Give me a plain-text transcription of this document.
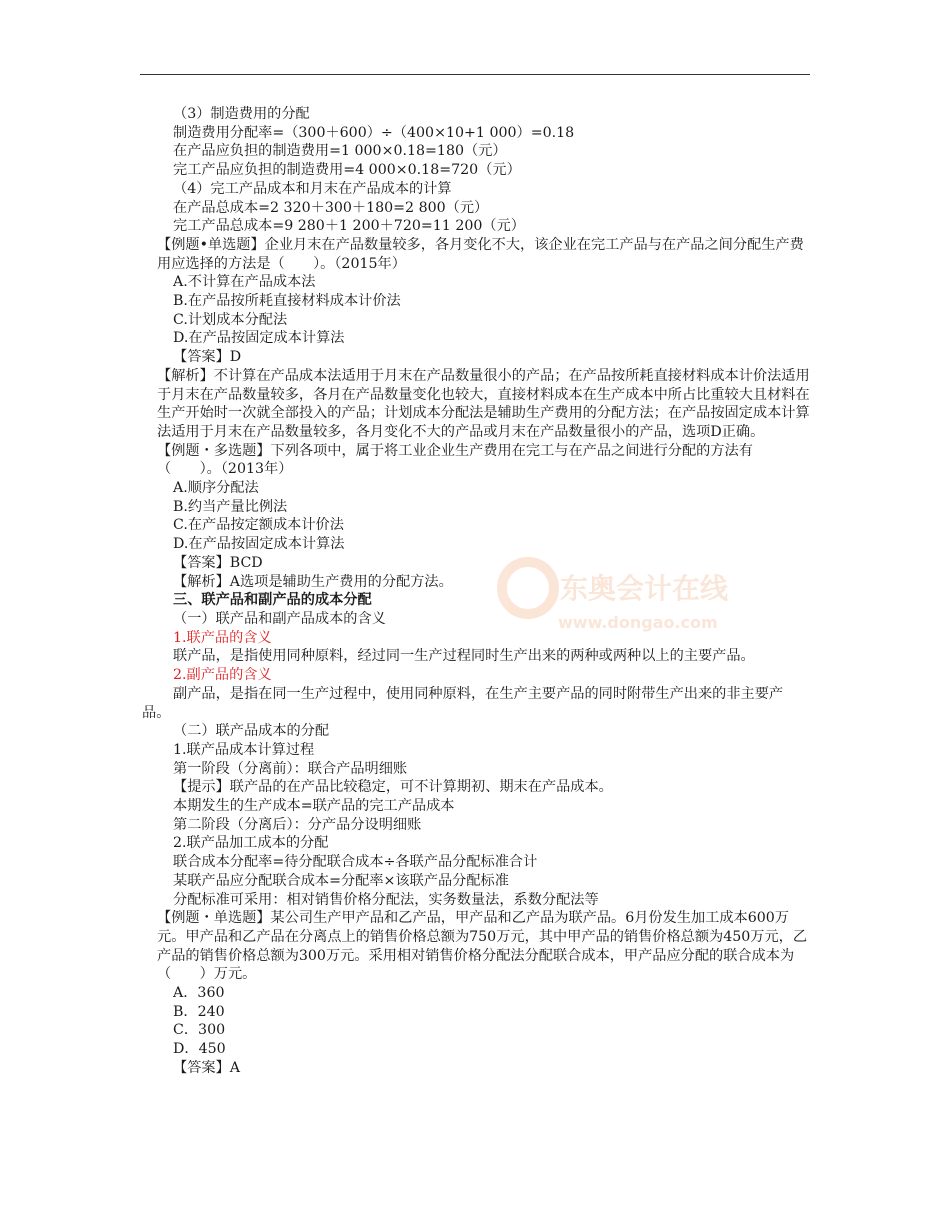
（3）制造费用的分配
制造费用分配率=（300＋600）÷（400×10+1 000）=0.18
在产品应负担的制造费用=1 000×0.18=180（元）
完工产品应负担的制造费用=4 000×0.18=720（元）
（4）完工产品成本和月末在产品成本的计算
在产品总成本=2 320＋300＋180=2 800（元）
完工产品总成本=9 280＋1 200＋720=11 200（元）
【例题•单选题】企业月末在产品数量较多，各月变化不大，该企业在完工产品与在产品之间分配生产费用应选择的方法是（　　）。（2015年）
A.不计算在产品成本法
B.在产品按所耗直接材料成本计价法
C.计划成本分配法
D.在产品按固定成本计算法
【答案】D
【解析】不计算在产品成本法适用于月末在产品数量很小的产品；在产品按所耗直接材料成本计价法适用于月末在产品数量较多，各月在产品数量变化也较大，直接材料成本在生产成本中所占比重较大且材料在生产开始时一次就全部投入的产品；计划成本分配法是辅助生产费用的分配方法；在产品按固定成本计算法适用于月末在产品数量较多，各月变化不大的产品或月末在产品数量很小的产品，选项D正确。
【例题・多选题】下列各项中，属于将工业企业生产费用在完工与在产品之间进行分配的方法有（　　）。（2013年）
A.顺序分配法
B.约当产量比例法
C.在产品按定额成本计价法
D.在产品按固定成本计算法
【答案】BCD
【解析】A选项是辅助生产费用的分配方法。
三、联产品和副产品的成本分配
（一）联产品和副产品成本的含义
1.联产品的含义
联产品，是指使用同种原料，经过同一生产过程同时生产出来的两种或两种以上的主要产品。
2.副产品的含义
副产品，是指在同一生产过程中，使用同种原料，在生产主要产品的同时附带生产出来的非主要产品。
（二）联产品成本的分配
1.联产品成本计算过程
第一阶段（分离前）：联合产品明细账
【提示】联产品的在产品比较稳定，可不计算期初、期末在产品成本。
本期发生的生产成本=联产品的完工产品成本
第二阶段（分离后）：分产品分设明细账
2.联产品加工成本的分配
联合成本分配率=待分配联合成本÷各联产品分配标准合计
某联产品应分配联合成本=分配率×该联产品分配标准
分配标准可采用：相对销售价格分配法，实务数量法，系数分配法等
【例题・单选题】某公司生产甲产品和乙产品，甲产品和乙产品为联产品。6月份发生加工成本600万元。甲产品和乙产品在分离点上的销售价格总额为750万元，其中甲产品的销售价格总额为450万元，乙产品的销售价格总额为300万元。采用相对销售价格分配法分配联合成本，甲产品应分配的联合成本为（　　）万元。
A．360
B．240
C．300
D．450
【答案】A
东奥会计在线
www.dongao.com
